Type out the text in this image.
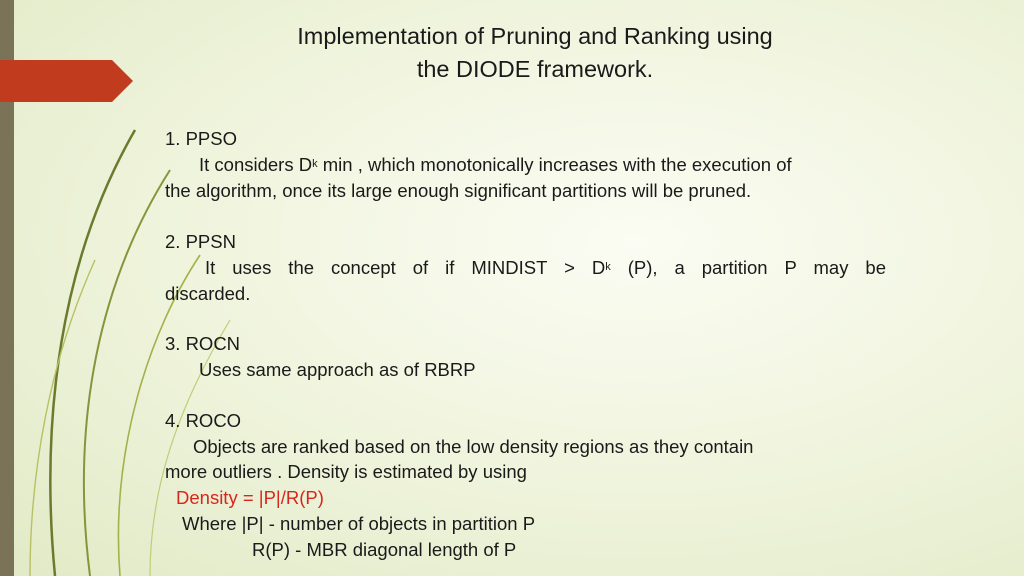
Implementation of Pruning and Ranking using
the DIODE framework.
1. PPSO
It considers $D^k$ min , which monotonically increases with the execution of
the algorithm, once its large enough significant partitions will be pruned.
2. PPSN
It uses the concept of if MINDIST > $D^k$ (P), a partition P may be
discarded.
3. ROCN
Uses same approach as of RBRP
4. ROCO
Objects are ranked based on the low density regions as they contain
more outliers . Density is estimated by using
Density = |P|/R(P)
Where |P| - number of objects in partition P
R(P) - MBR diagonal length of P
